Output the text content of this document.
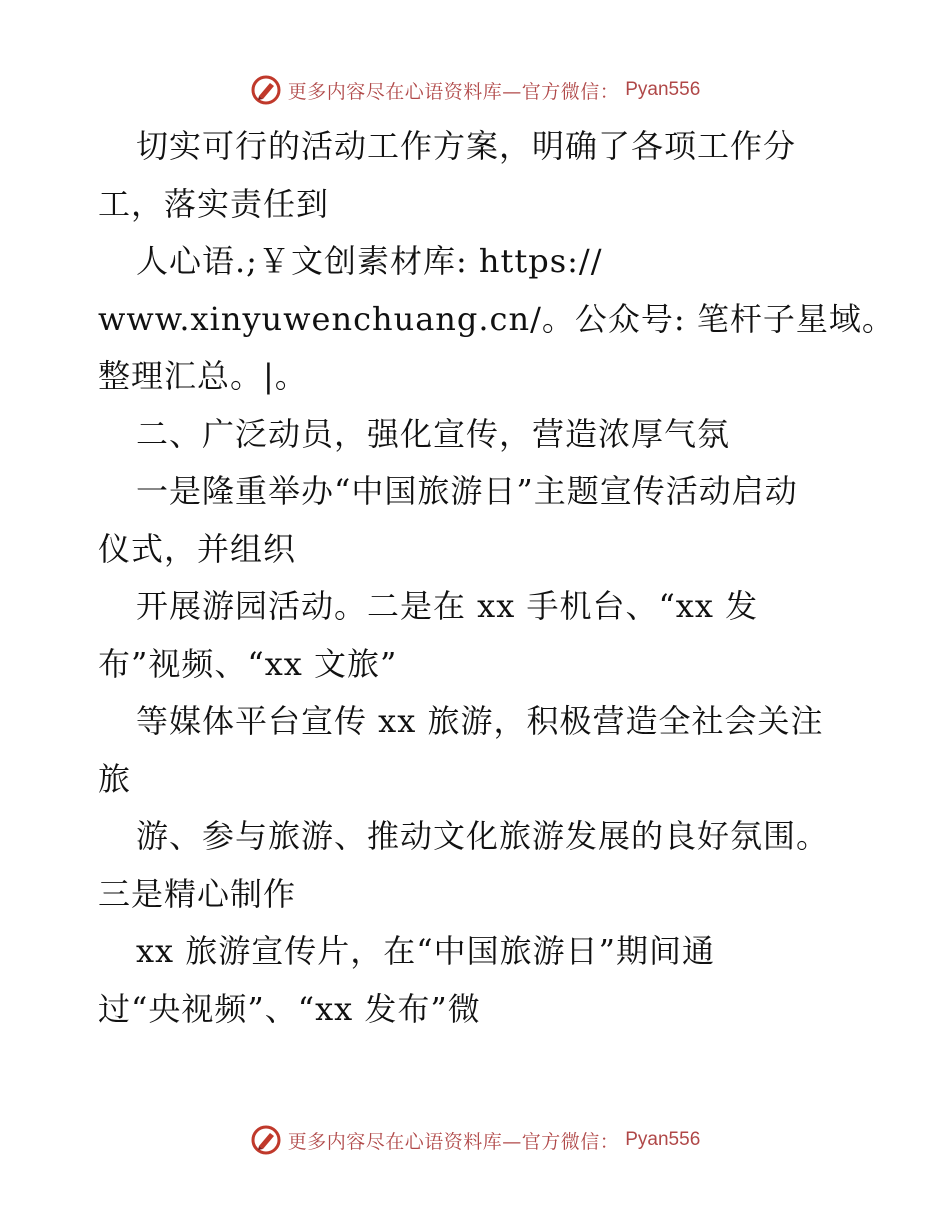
更多内容尽在心语资料库—官方微信： Pyan556
切实可行的活动工作方案，明确了各项工作分
工，落实责任到
人心语.;￥文创素材库: https://
www.xinyuwenchuang.cn/。公众号: 笔杆子星域。
整理汇总。|。
二、广泛动员，强化宣传，营造浓厚气氛
一是隆重举办“中国旅游日”主题宣传活动启动
仪式，并组织
开展游园活动。二是在 xx 手机台、“xx 发
布”视频、“xx 文旅”
等媒体平台宣传 xx 旅游，积极营造全社会关注
旅
游、参与旅游、推动文化旅游发展的良好氛围。
三是精心制作
xx 旅游宣传片，在“中国旅游日”期间通
过“央视频”、“xx 发布”微
更多内容尽在心语资料库—官方微信： Pyan556
